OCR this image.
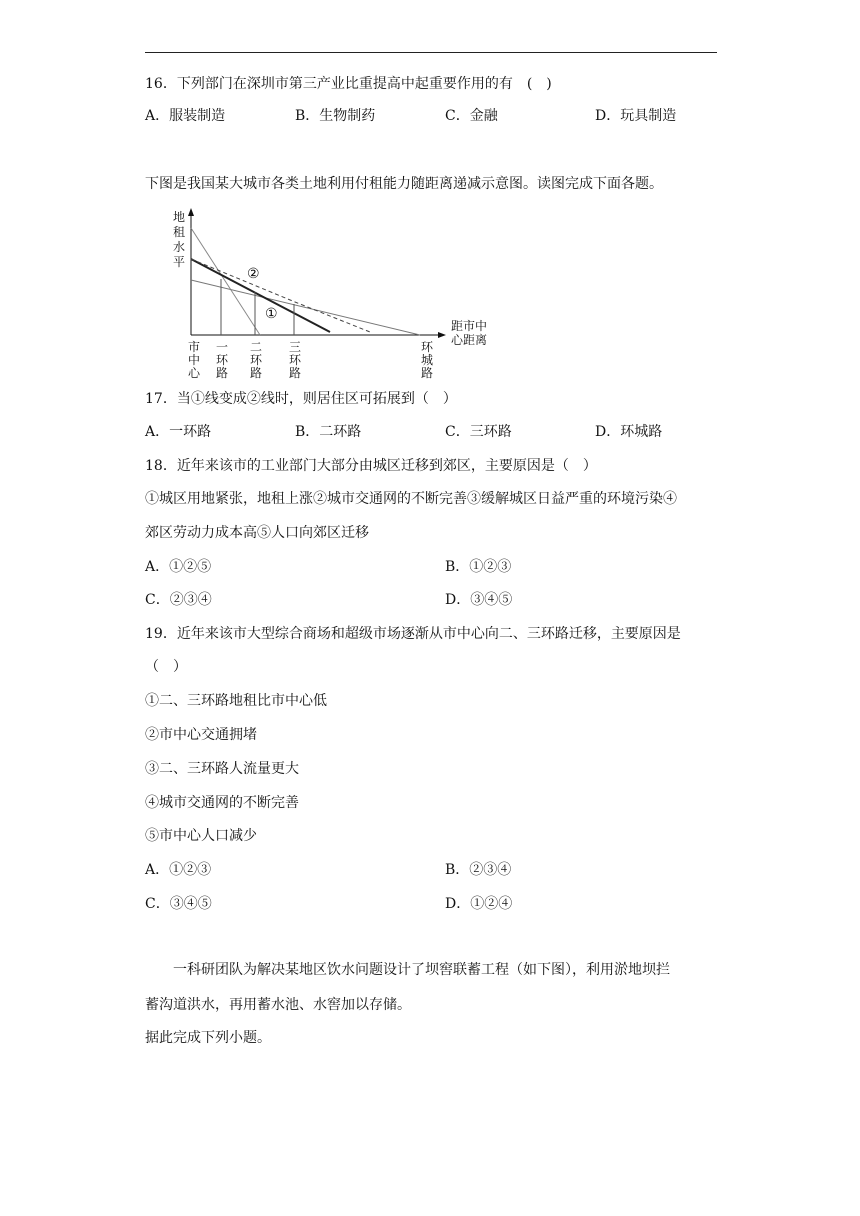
16．下列部门在深圳市第三产业比重提高中起重要作用的有　(　)
A．服装制造	B．生物制药	C．金融	D．玩具制造
下图是我国某大城市各类土地利用付租能力随距离递减示意图。读图完成下面各题。
地
租
水
平
距市中
心距离
②
①
市
中
心
一
环
路
二
环
路
三
环
路
环
城
路
17．当①线变成②线时，则居住区可拓展到（　）
A．一环路	B．二环路	C．三环路	D．环城路
18．近年来该市的工业部门大部分由城区迁移到郊区，主要原因是（　）
①城区用地紧张，地租上涨②城市交通网的不断完善③缓解城区日益严重的环境污染④
郊区劳动力成本高⑤人口向郊区迁移
A．①②⑤	B．①②③
C．②③④	D．③④⑤
19．近年来该市大型综合商场和超级市场逐渐从市中心向二、三环路迁移，主要原因是
（　）
①二、三环路地租比市中心低
②市中心交通拥堵
③二、三环路人流量更大
④城市交通网的不断完善
⑤市中心人口减少
A．①②③	B．②③④
C．③④⑤	D．①②④
一科研团队为解决某地区饮水问题设计了坝窖联蓄工程（如下图），利用淤地坝拦
蓄沟道洪水，再用蓄水池、水窖加以存储。
据此完成下列小题。
